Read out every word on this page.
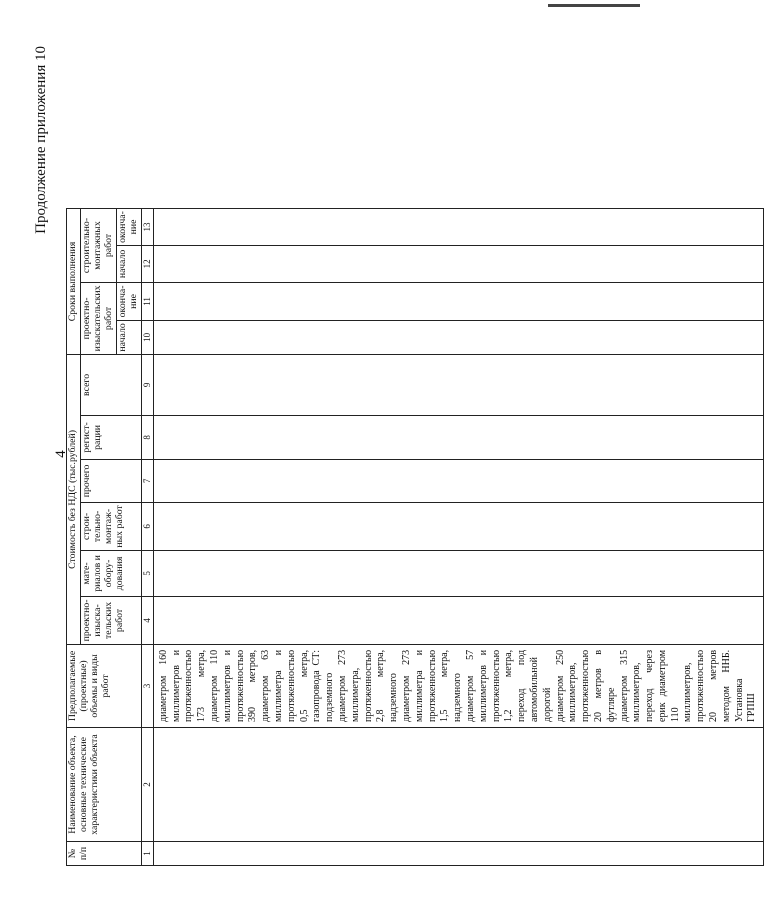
Продолжение приложения 10
4
№ п/п	Наименование объекта, основные технические характеристики объекта	Предполагаемые (проектные) объемы и виды работ	Стоимость без НДС (тыс.рублей)						Сроки выполнения			
			проектно-изыска-тельских работ	мате-риалов и обору-дования	строи-тельно-монтаж-ных работ	прочего	регист-рации	всего	проектно-изыскательских работ		строительно-монтажных работ	
									начало	оконча-ние	начало	оконча-ние
1	2	3	4	5	6	7	8	9	10	11	12	13
		диаметром 160 миллиметров и протяженностью 173 метра, диаметром 110 миллиметров и протяженностью 390 метров, диаметром 63 миллиметра и протяженностью 0,5 метра, газопровода СТ: подземного диаметром 273 миллиметра, протяженностью 2,8 метра, надземного диаметром 273 миллиметра и протяженностью 1,5 метра, надземного диаметром 57 миллиметров и протяженностью 1,2 метра, переход под автомобильной дорогой диаметром 250 миллиметров, протяженностью 20 метров в футляре диаметром 315 миллиметров, переход через ерик диаметром 110 миллиметров, протяженностью 20 метров методом ННБ. Установка ГРПШ										
